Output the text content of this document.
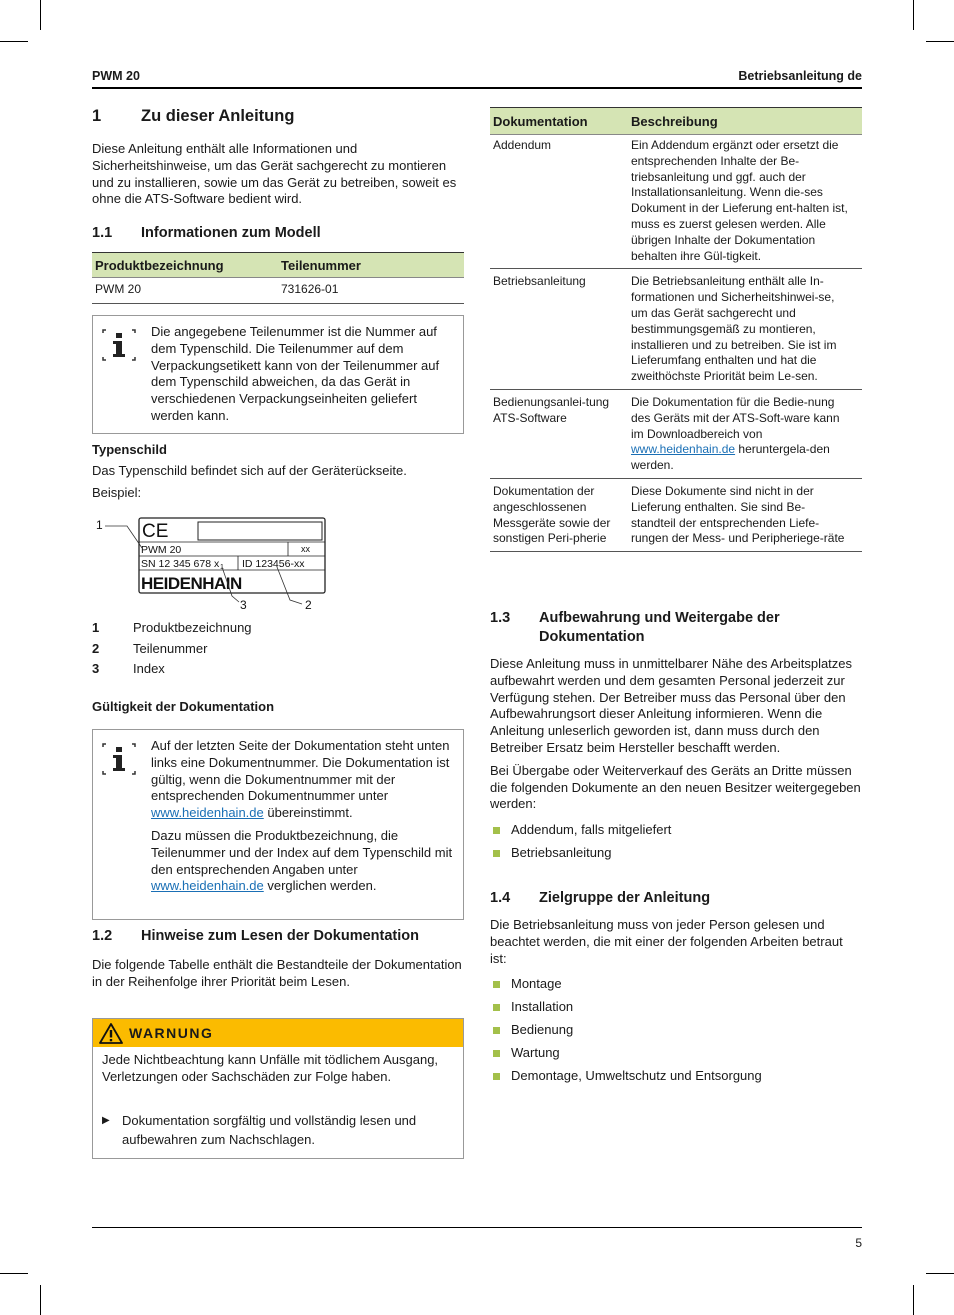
PWM 20	Betriebsanleitung de
1	Zu dieser Anleitung

Diese Anleitung enthält alle Informationen und Sicherheitshinweise, um das Gerät sachgerecht zu montieren und zu installieren, sowie um das Gerät zu betreiben, soweit es ohne die ATS-Software bedient wird.

1.1	Informationen zum Modell
Produktbezeichnung	Teilenummer
PWM 20	731626-01
Die angegebene Teilenummer ist die Nummer auf dem Typenschild. Die Teilenummer auf dem Verpackungsetikett kann von der Teilenummer auf dem Typenschild abweichen, da das Gerät in verschiedenen Verpackungseinheiten geliefert werden kann.
Typenschild

Das Typenschild befindet sich auf der Geräterückseite.

Beispiel:

CE
PWM 20	xx
SN 12 345 678 x 1 ID 123456-xx
HEIDENHAIN
1
3	2
1	Produktbezeichnung
2	Teilenummer
3	Index
Gültigkeit der Dokumentation

Auf der letzten Seite der Dokumentation steht unten links eine Dokumentnummer. Die Dokumentation ist gültig, wenn die Dokumentnummer mit der entsprechenden Dokumentnummer unter www.heidenhain.de übereinstimmt.

Dazu müssen die Produktbezeichnung, die Teilenummer und der Index auf dem Typenschild mit den entsprechenden Angaben unter www.heidenhain.de verglichen werden.

1.2	Hinweise zum Lesen der Dokumentation

Die folgende Tabelle enthält die Bestandteile der Dokumentation in der Reihenfolge ihrer Priorität beim Lesen.

WARNUNG

Jede Nichtbeachtung kann Unfälle mit tödlichem Ausgang, Verletzungen oder Sachschäden zur Folge haben.

▶ Dokumentation sorgfältig und vollständig lesen und aufbewahren zum Nachschlagen.
Dokumentation	Beschreibung
Addendum	Ein Addendum ergänzt oder ersetzt die entsprechenden Inhalte der Be-triebsanleitung und ggf. auch der Installationsanleitung. Wenn die-ses Dokument in der Lieferung ent-halten ist, muss es zuerst gelesen werden. Alle übrigen Inhalte der Dokumentation behalten ihre Gül-tigkeit.
Betriebsanleitung	Die Betriebsanleitung enthält alle In-formationen und Sicherheitshinwei-se, um das Gerät sachgerecht und bestimmungsgemäß zu montieren, installieren und zu betreiben. Sie ist im Lieferumfang enthalten und hat die zweithöchste Priorität beim Le-sen.
Bedienungsanlei-tung ATS-Software	Die Dokumentation für die Bedie-nung des Geräts mit der ATS-Soft-ware kann im Downloadbereich von www.heidenhain.de heruntergela-den werden.
Dokumentation der angeschlossenen Messgeräte sowie der sonstigen Peri-pherie	Diese Dokumente sind nicht in der Lieferung enthalten. Sie sind Be-standteil der entsprechenden Liefe-rungen der Mess- und Peripheriege-räte
1.3	Aufbewahrung und Weitergabe der Dokumentation

Diese Anleitung muss in unmittelbarer Nähe des Arbeitsplatzes aufbewahrt werden und dem gesamten Personal jederzeit zur Verfügung stehen. Der Betreiber muss das Personal über den Aufbewahrungsort dieser Anleitung informieren. Wenn die Anleitung unleserlich geworden ist, dann muss durch den Betreiber Ersatz beim Hersteller beschafft werden.

Bei Übergabe oder Weiterverkauf des Geräts an Dritte müssen die folgenden Dokumente an den neuen Besitzer weitergegeben werden:

Addendum, falls mitgeliefert
Betriebsanleitung
1.4	Zielgruppe der Anleitung

Die Betriebsanleitung muss von jeder Person gelesen und beachtet werden, die mit einer der folgenden Arbeiten betraut ist:

Montage
Installation
Bedienung
Wartung
Demontage, Umweltschutz und Entsorgung
5
